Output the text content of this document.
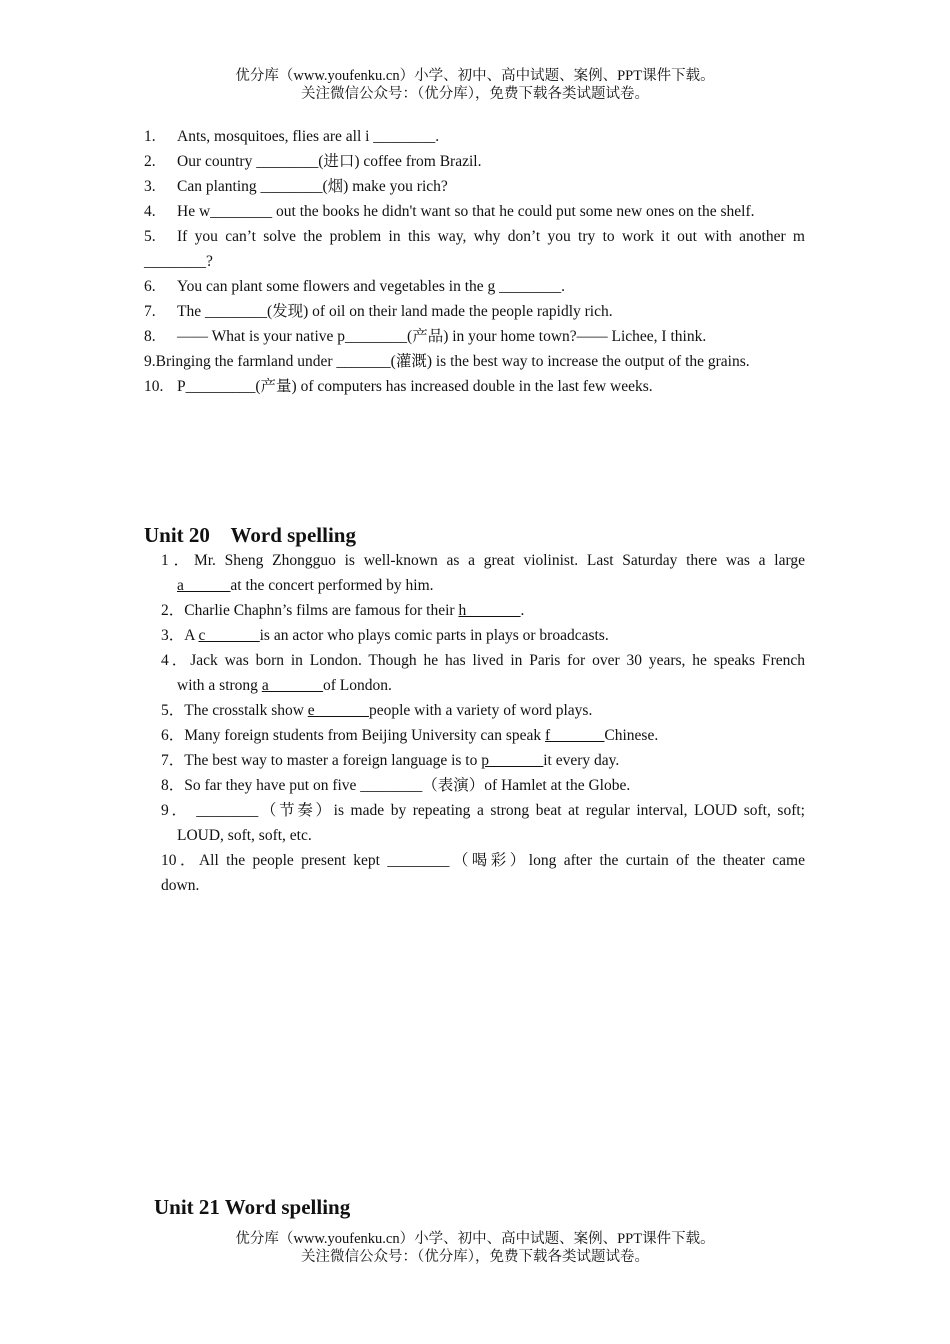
优分库（www.youfenku.cn）小学、初中、高中试题、案例、PPT课件下载。
关注微信公众号：（优分库），免费下载各类试题试卷。
1. Ants, mosquitoes, flies are all i ________.
2. Our country ________(进口) coffee from Brazil.
3. Can planting ________(烟) make you rich?
4. He w________ out the books he didn't want so that he could put some new ones on the shelf.
5. If you can’t solve the problem in this way, why don’t you try to work it out with another m
________?
6. You can plant some flowers and vegetables in the g ________.
7. The ________(发现) of oil on their land made the people rapidly rich.
8. —— What is your native p________(产品) in your home town?—— Lichee, I think.
9.Bringing the farmland under _______(灌溉) is the best way to increase the output of the grains.
10. P_________(产量) of computers has increased double in the last few weeks.
Unit 20    Word spelling
1．Mr. Sheng Zhongguo is well-known as a great violinist. Last Saturday there was a large
a______at the concert performed by him.
2．Charlie Chaphn’s films are famous for their h_______.
3．A c_______is an actor who plays comic parts in plays or broadcasts.
4．Jack was born in London. Though he has lived in Paris for over 30 years, he speaks French
with a strong a_______of London.
5．The crosstalk show e_______people with a variety of word plays.
6．Many foreign students from Beijing University can speak f_______Chinese.
7．The best way to master a foreign language is to p_______it every day.
8．So far they have put on five ________（表演）of Hamlet at the Globe.
9． ________（节奏）is made by repeating a strong beat at regular interval, LOUD soft, soft;
LOUD, soft, soft, etc.
10．All the people present kept ________（喝彩）long after the curtain of the theater came
down.
Unit 21 Word spelling
优分库（www.youfenku.cn）小学、初中、高中试题、案例、PPT课件下载。
关注微信公众号：（优分库），免费下载各类试题试卷。
